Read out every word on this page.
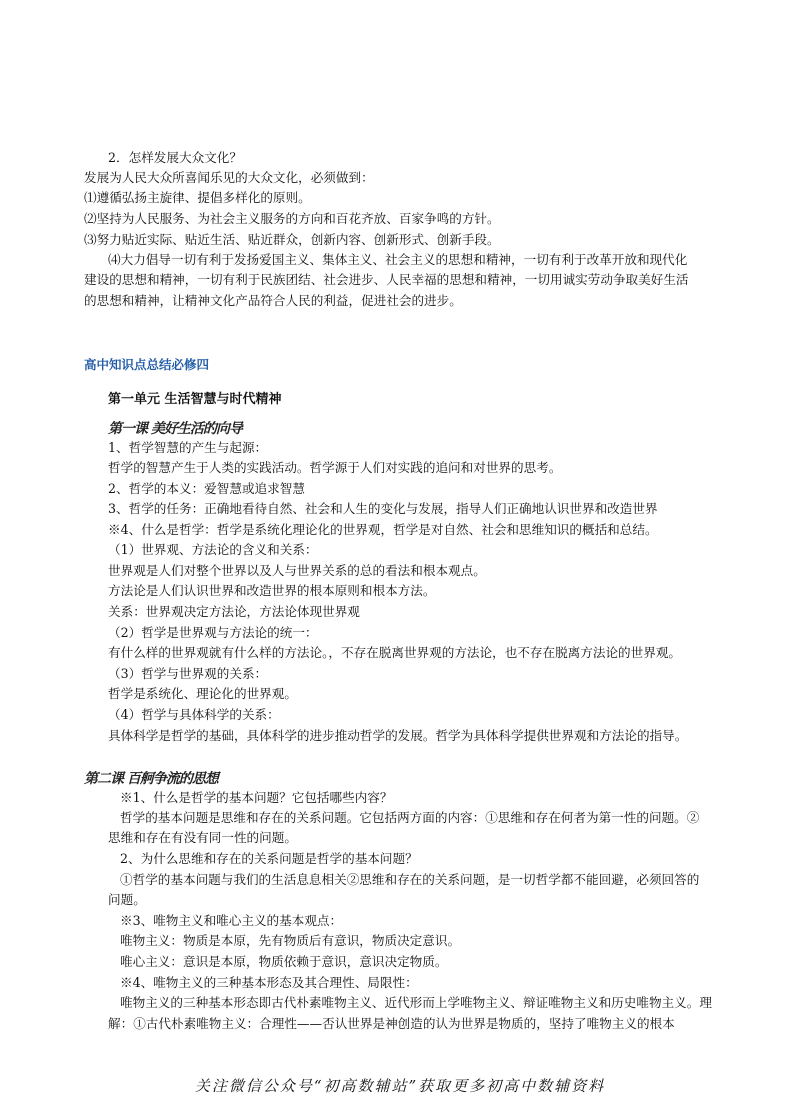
2．怎样发展大众文化？

发展为人民大众所喜闻乐见的大众文化，必须做到：

⑴遵循弘扬主旋律、提倡多样化的原则。

⑵坚持为人民服务、为社会主义服务的方向和百花齐放、百家争鸣的方针。

⑶努力贴近实际、贴近生活、贴近群众，创新内容、创新形式、创新手段。

⑷大力倡导一切有利于发扬爱国主义、集体主义、社会主义的思想和精神，一切有利于改革开放和现代化

建设的思想和精神，一切有利于民族团结、社会进步、人民幸福的思想和精神，一切用诚实劳动争取美好生活

的思想和精神，让精神文化产品符合人民的利益，促进社会的进步。

高中知识点总结必修四
第一单元 生活智慧与时代精神
第一课 美好生活的向导

1、哲学智慧的产生与起源：

哲学的智慧产生于人类的实践活动。哲学源于人们对实践的追问和对世界的思考。

2、哲学的本义：爱智慧或追求智慧

3、哲学的任务：正确地看待自然、社会和人生的变化与发展，指导人们正确地认识世界和改造世界

※4、什么是哲学：哲学是系统化理论化的世界观，哲学是对自然、社会和思维知识的概括和总结。

（1）世界观、方法论的含义和关系：

世界观是人们对整个世界以及人与世界关系的总的看法和根本观点。

方法论是人们认识世界和改造世界的根本原则和根本方法。

关系：世界观决定方法论，方法论体现世界观

（2）哲学是世界观与方法论的统一：

有什么样的世界观就有什么样的方法论。，不存在脱离世界观的方法论，也不存在脱离方法论的世界观。

（3）哲学与世界观的关系：

哲学是系统化、理论化的世界观。

（4）哲学与具体科学的关系：

具体科学是哲学的基础，具体科学的进步推动哲学的发展。哲学为具体科学提供世界观和方法论的指导。

第二课 百舸争流的思想

※1、什么是哲学的基本问题？它包括哪些内容？

哲学的基本问题是思维和存在的关系问题。它包括两方面的内容：①思维和存在何者为第一性的问题。②

思维和存在有没有同一性的问题。

2、为什么思维和存在的关系问题是哲学的基本问题？

①哲学的基本问题与我们的生活息息相关②思维和存在的关系问题，是一切哲学都不能回避，必须回答的

问题。

※3、唯物主义和唯心主义的基本观点：

唯物主义：物质是本原，先有物质后有意识，物质决定意识。

唯心主义：意识是本原，物质依赖于意识，意识决定物质。

※4、唯物主义的三种基本形态及其合理性、局限性：

唯物主义的三种基本形态即古代朴素唯物主义、近代形而上学唯物主义、辩证唯物主义和历史唯物主义。理

解：①古代朴素唯物主义：合理性——否认世界是神创造的认为世界是物质的，坚持了唯物主义的根本

关注微信公众号“初高数辅站”获取更多初高中数辅资料
